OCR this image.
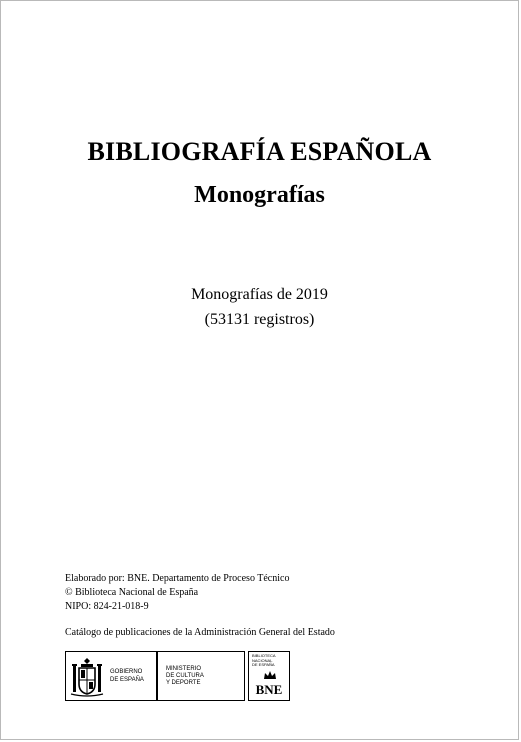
BIBLIOGRAFÍA ESPAÑOLA
Monografías
Monografías de 2019
(53131 registros)
Elaborado por: BNE. Departamento de Proceso Técnico
© Biblioteca Nacional de España
NIPO: 824-21-018-9
Catálogo de publicaciones de la Administración General del Estado
GOBIERNO
DE ESPAÑA
MINISTERIO
DE CULTURA
Y DEPORTE
BIBLIOTECA
NACIONAL
DE ESPAÑA
BNE
